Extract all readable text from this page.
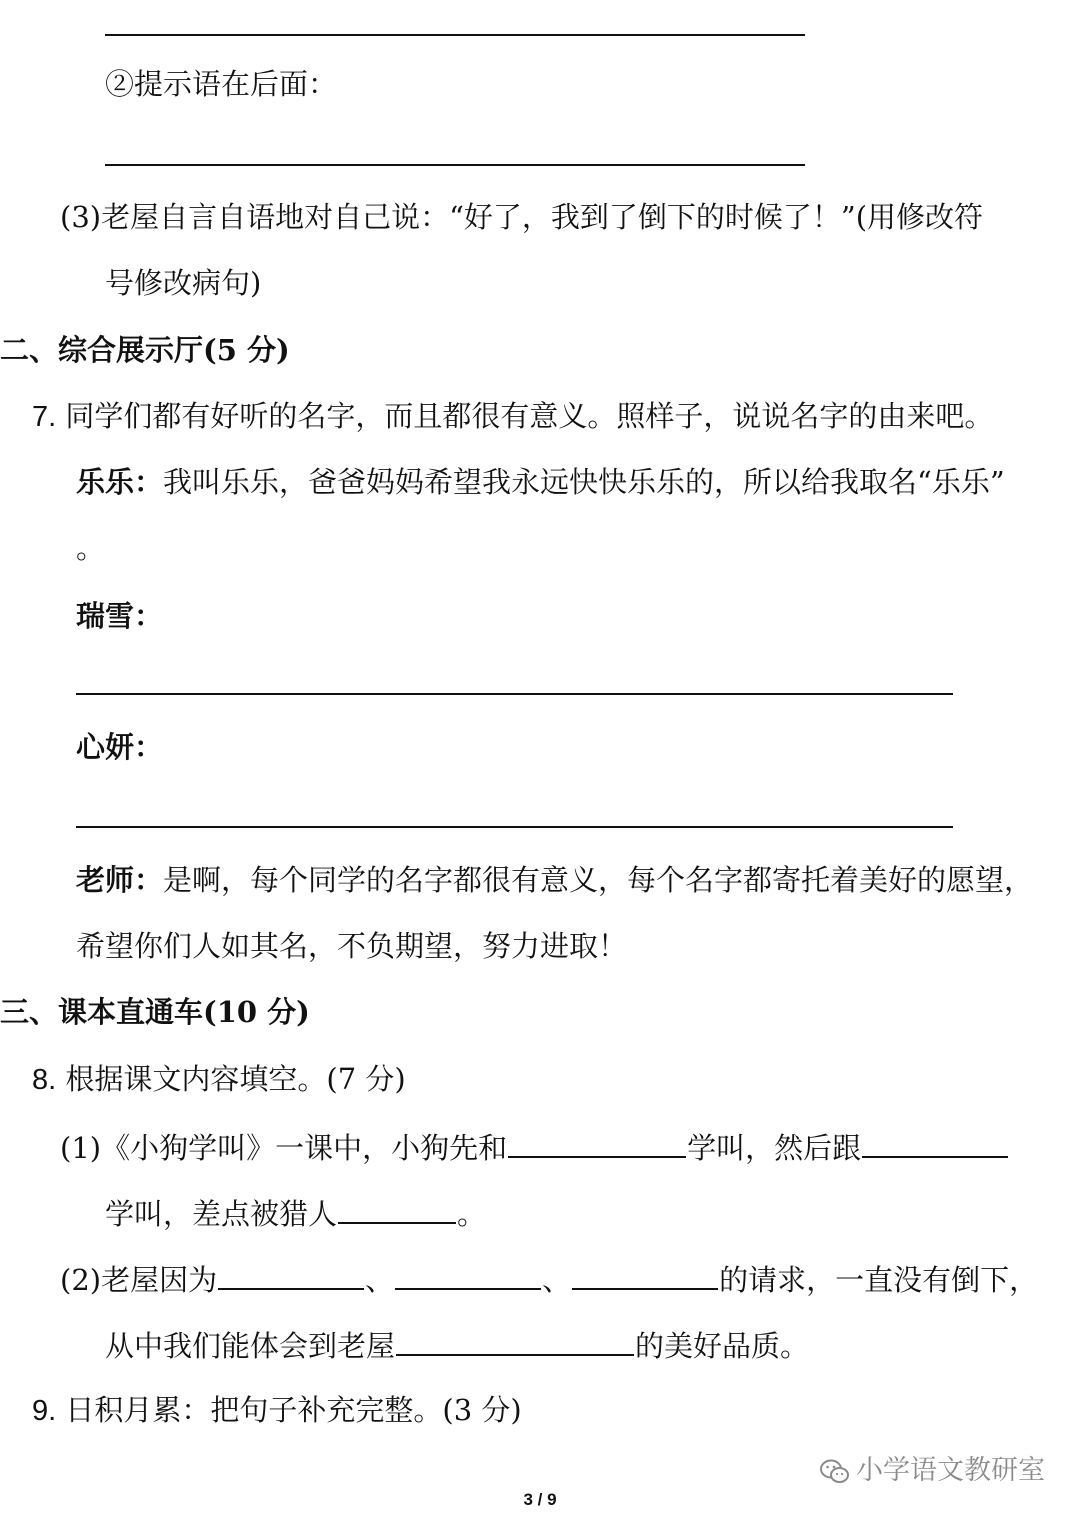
②提示语在后面：
(3)老屋自言自语地对自己说：“好了，我到了倒下的时候了！”(用修改符
号修改病句)
二、综合展示厅(5 分)
7. 同学们都有好听的名字，而且都很有意义。照样子，说说名字的由来吧。
乐乐：我叫乐乐，爸爸妈妈希望我永远快快乐乐的，所以给我取名“乐乐”
。
瑞雪：
心妍：
老师：是啊，每个同学的名字都很有意义，每个名字都寄托着美好的愿望，
希望你们人如其名，不负期望，努力进取！
三、课本直通车(10 分)
8. 根据课文内容填空。(7 分)
(1)《小狗学叫》一课中，小狗先和	学叫，然后跟
学叫，差点被猎人	。
(2)老屋因为	、	、	的请求，一直没有倒下，
从中我们能体会到老屋	的美好品质。
9. 日积月累：把句子补充完整。(3 分)
小学语文教研室
3 / 9
